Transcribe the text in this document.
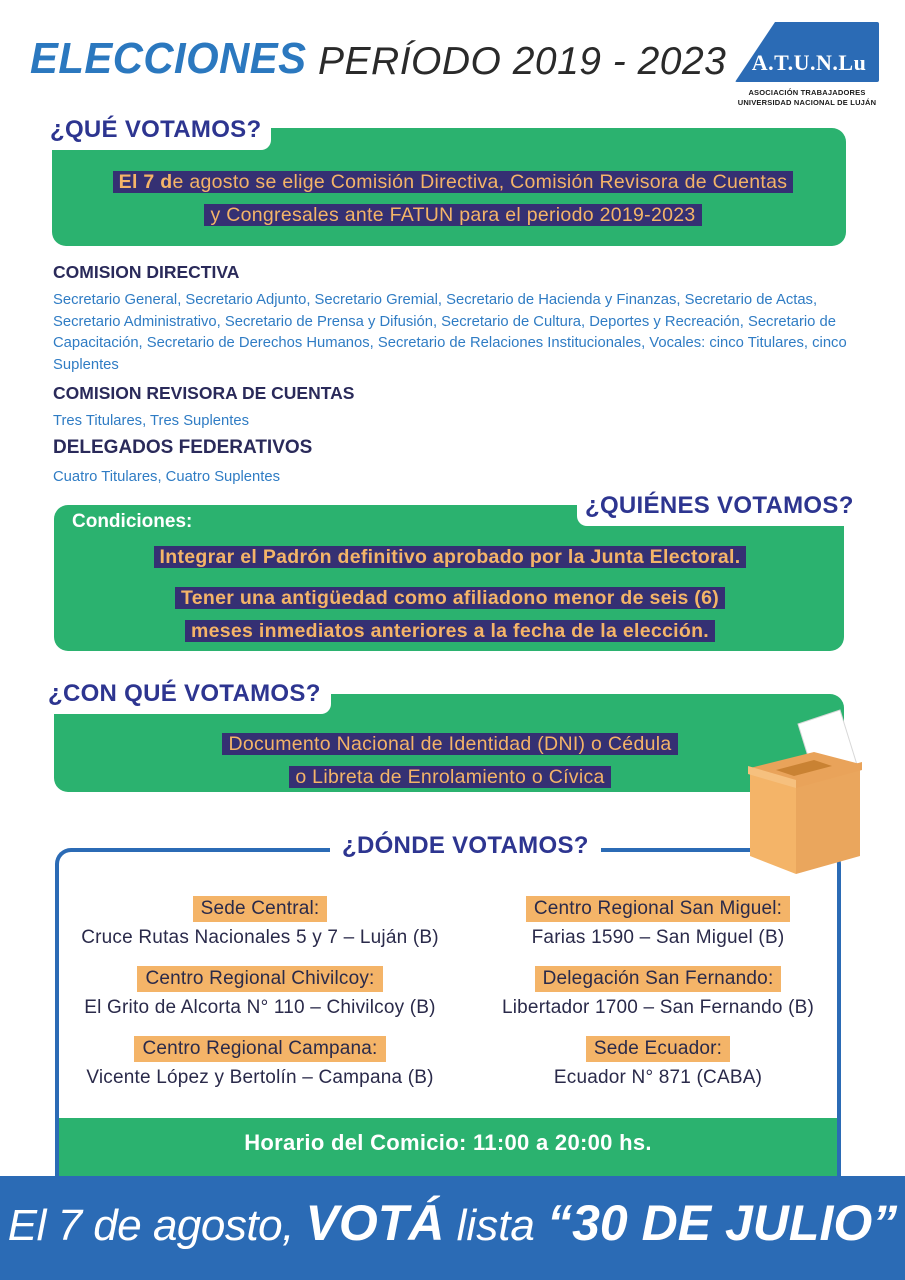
ELECCIONES PERÍODO 2019 - 2023	A.T.U.N.Lu
ASOCIACIÓN TRABAJADORES
UNIVERSIDAD NACIONAL DE LUJÁN
¿QUÉ VOTAMOS?
El 7 de agosto se elige Comisión Directiva, Comisión Revisora de Cuentas
y Congresales ante FATUN para el periodo 2019-2023
COMISION DIRECTIVA
Secretario General, Secretario Adjunto, Secretario Gremial, Secretario de Hacienda y Finanzas, Secretario de Actas, Secretario Administrativo, Secretario de Prensa y Difusión, Secretario de Cultura, Deportes y Recreación, Secretario de Capacitación, Secretario de Derechos Humanos, Secretario de Relaciones Institucionales, Vocales: cinco Titulares, cinco Suplentes
COMISION REVISORA DE CUENTAS
Tres Titulares, Tres Suplentes
DELEGADOS FEDERATIVOS
Cuatro Titulares, Cuatro Suplentes
¿QUIÉNES VOTAMOS?
Condiciones:
Integrar el Padrón definitivo aprobado por la Junta Electoral.
Tener una antigüedad como afiliadono menor de seis (6)
meses inmediatos anteriores a la fecha de la elección.
¿CON QUÉ VOTAMOS?
Documento Nacional de Identidad (DNI) o Cédula
o Libreta de Enrolamiento o Cívica
¿DÓNDE VOTAMOS?
Sede Central:

Cruce Rutas Nacionales 5 y 7 – Luján (B)
Centro Regional San Miguel:

Farias 1590 – San Miguel (B)
Centro Regional Chivilcoy:

El Grito de Alcorta N° 110 – Chivilcoy (B)
Delegación San Fernando:

Libertador 1700 – San Fernando (B)
Centro Regional Campana:

Vicente López y Bertolín – Campana (B)
Sede Ecuador:

Ecuador N° 871 (CABA)
Horario del Comicio: 11:00 a 20:00 hs.
El 7 de agosto, VOTÁ lista “30 DE JULIO”
